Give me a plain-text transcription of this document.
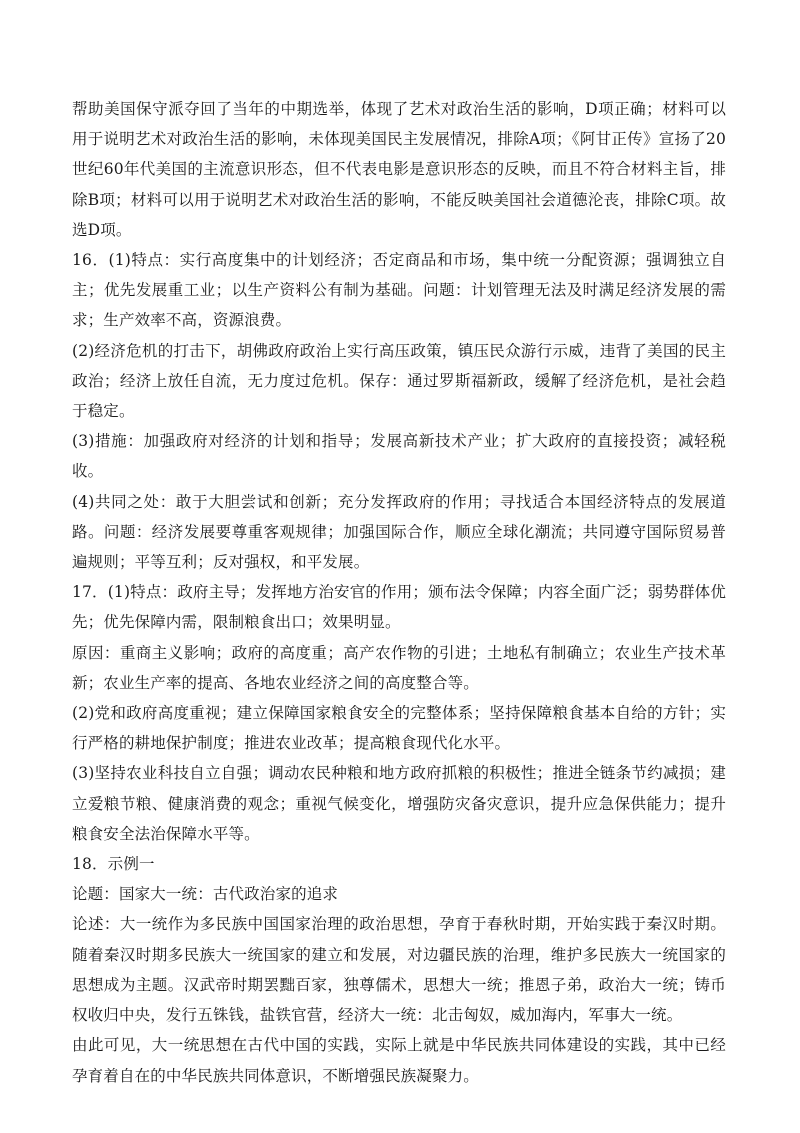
帮助美国保守派夺回了当年的中期选举，体现了艺术对政治生活的影响，D项正确；材料可以用于说明艺术对政治生活的影响，未体现美国民主发展情况，排除A项；《阿甘正传》宣扬了20世纪60年代美国的主流意识形态，但不代表电影是意识形态的反映，而且不符合材料主旨，排除B项；材料可以用于说明艺术对政治生活的影响，不能反映美国社会道德沦丧，排除C项。故选D项。

16．(1)特点：实行高度集中的计划经济；否定商品和市场，集中统一分配资源；强调独立自主；优先发展重工业；以生产资料公有制为基础。问题：计划管理无法及时满足经济发展的需求；生产效率不高，资源浪费。

(2)经济危机的打击下，胡佛政府政治上实行高压政策，镇压民众游行示威，违背了美国的民主政治；经济上放任自流，无力度过危机。保存：通过罗斯福新政，缓解了经济危机，是社会趋于稳定。

(3)措施：加强政府对经济的计划和指导；发展高新技术产业；扩大政府的直接投资；减轻税收。

(4)共同之处：敢于大胆尝试和创新；充分发挥政府的作用；寻找适合本国经济特点的发展道路。问题：经济发展要尊重客观规律；加强国际合作，顺应全球化潮流；共同遵守国际贸易普遍规则；平等互利；反对强权，和平发展。

17．(1)特点：政府主导；发挥地方治安官的作用；颁布法令保障；内容全面广泛；弱势群体优先；优先保障内需，限制粮食出口；效果明显。

原因：重商主义影响；政府的高度重；高产农作物的引进；土地私有制确立；农业生产技术革新；农业生产率的提高、各地农业经济之间的高度整合等。

(2)党和政府高度重视；建立保障国家粮食安全的完整体系；坚持保障粮食基本自给的方针；实行严格的耕地保护制度；推进农业改革；提高粮食现代化水平。

(3)坚持农业科技自立自强；调动农民种粮和地方政府抓粮的积极性；推进全链条节约减损；建立爱粮节粮、健康消费的观念；重视气候变化，增强防灾备灾意识，提升应急保供能力；提升粮食安全法治保障水平等。

18．示例一

论题：国家大一统：古代政治家的追求

论述：大一统作为多民族中国国家治理的政治思想，孕育于春秋时期，开始实践于秦汉时期。随着秦汉时期多民族大一统国家的建立和发展，对边疆民族的治理，维护多民族大一统国家的思想成为主题。汉武帝时期罢黜百家，独尊儒术，思想大一统；推恩子弟，政治大一统；铸币权收归中央，发行五铢钱，盐铁官营，经济大一统：北击匈奴，威加海内，军事大一统。

由此可见，大一统思想在古代中国的实践，实际上就是中华民族共同体建设的实践，其中已经孕育着自在的中华民族共同体意识，不断增强民族凝聚力。
